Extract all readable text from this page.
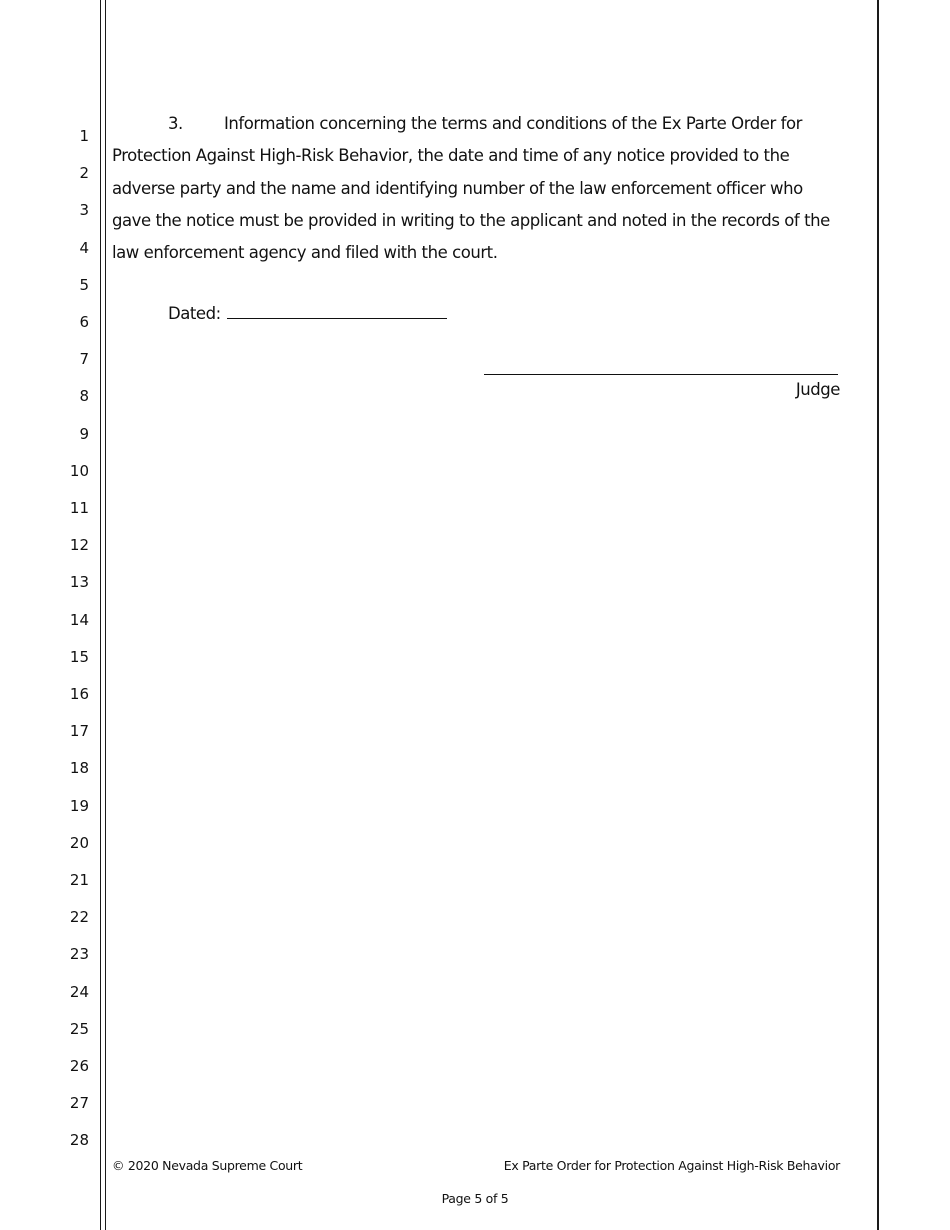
1
2
3
4
5
6
7
8
9
10
11
12
13
14
15
16
17
18
19
20
21
22
23
24
25
26
27
28

3. Information concerning the terms and conditions of the Ex Parte Order for Protection Against High-Risk Behavior, the date and time of any notice provided to the adverse party and the name and identifying number of the law enforcement officer who gave the notice must be provided in writing to the applicant and noted in the records of the law enforcement agency and filed with the court.

Dated:
Judge
© 2020 Nevada Supreme Court	Ex Parte Order for Protection Against High-Risk Behavior
Page 5 of 5
